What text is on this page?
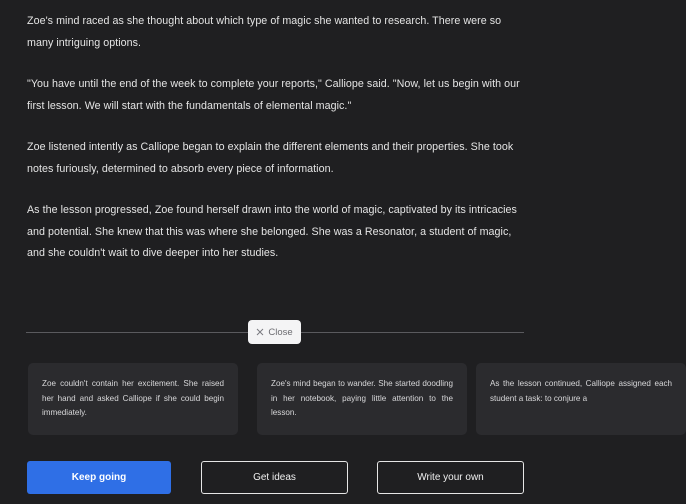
Zoe's mind raced as she thought about which type of magic she wanted to research. There were so many intriguing options.

"You have until the end of the week to complete your reports," Calliope said. "Now, let us begin with our first lesson. We will start with the fundamentals of elemental magic."

Zoe listened intently as Calliope began to explain the different elements and their properties. She took notes furiously, determined to absorb every piece of information.

As the lesson progressed, Zoe found herself drawn into the world of magic, captivated by its intricacies and potential. She knew that this was where she belonged. She was a Resonator, a student of magic, and she couldn't wait to dive deeper into her studies.

Close
Zoe couldn't contain her excitement. She raised her hand and asked Calliope if she could begin immediately.
Zoe's mind began to wander. She started doodling in her notebook, paying little attention to the lesson.
As the lesson continued, Calliope assigned each student a task: to conjure a
Keep going	Get ideas	Write your own
